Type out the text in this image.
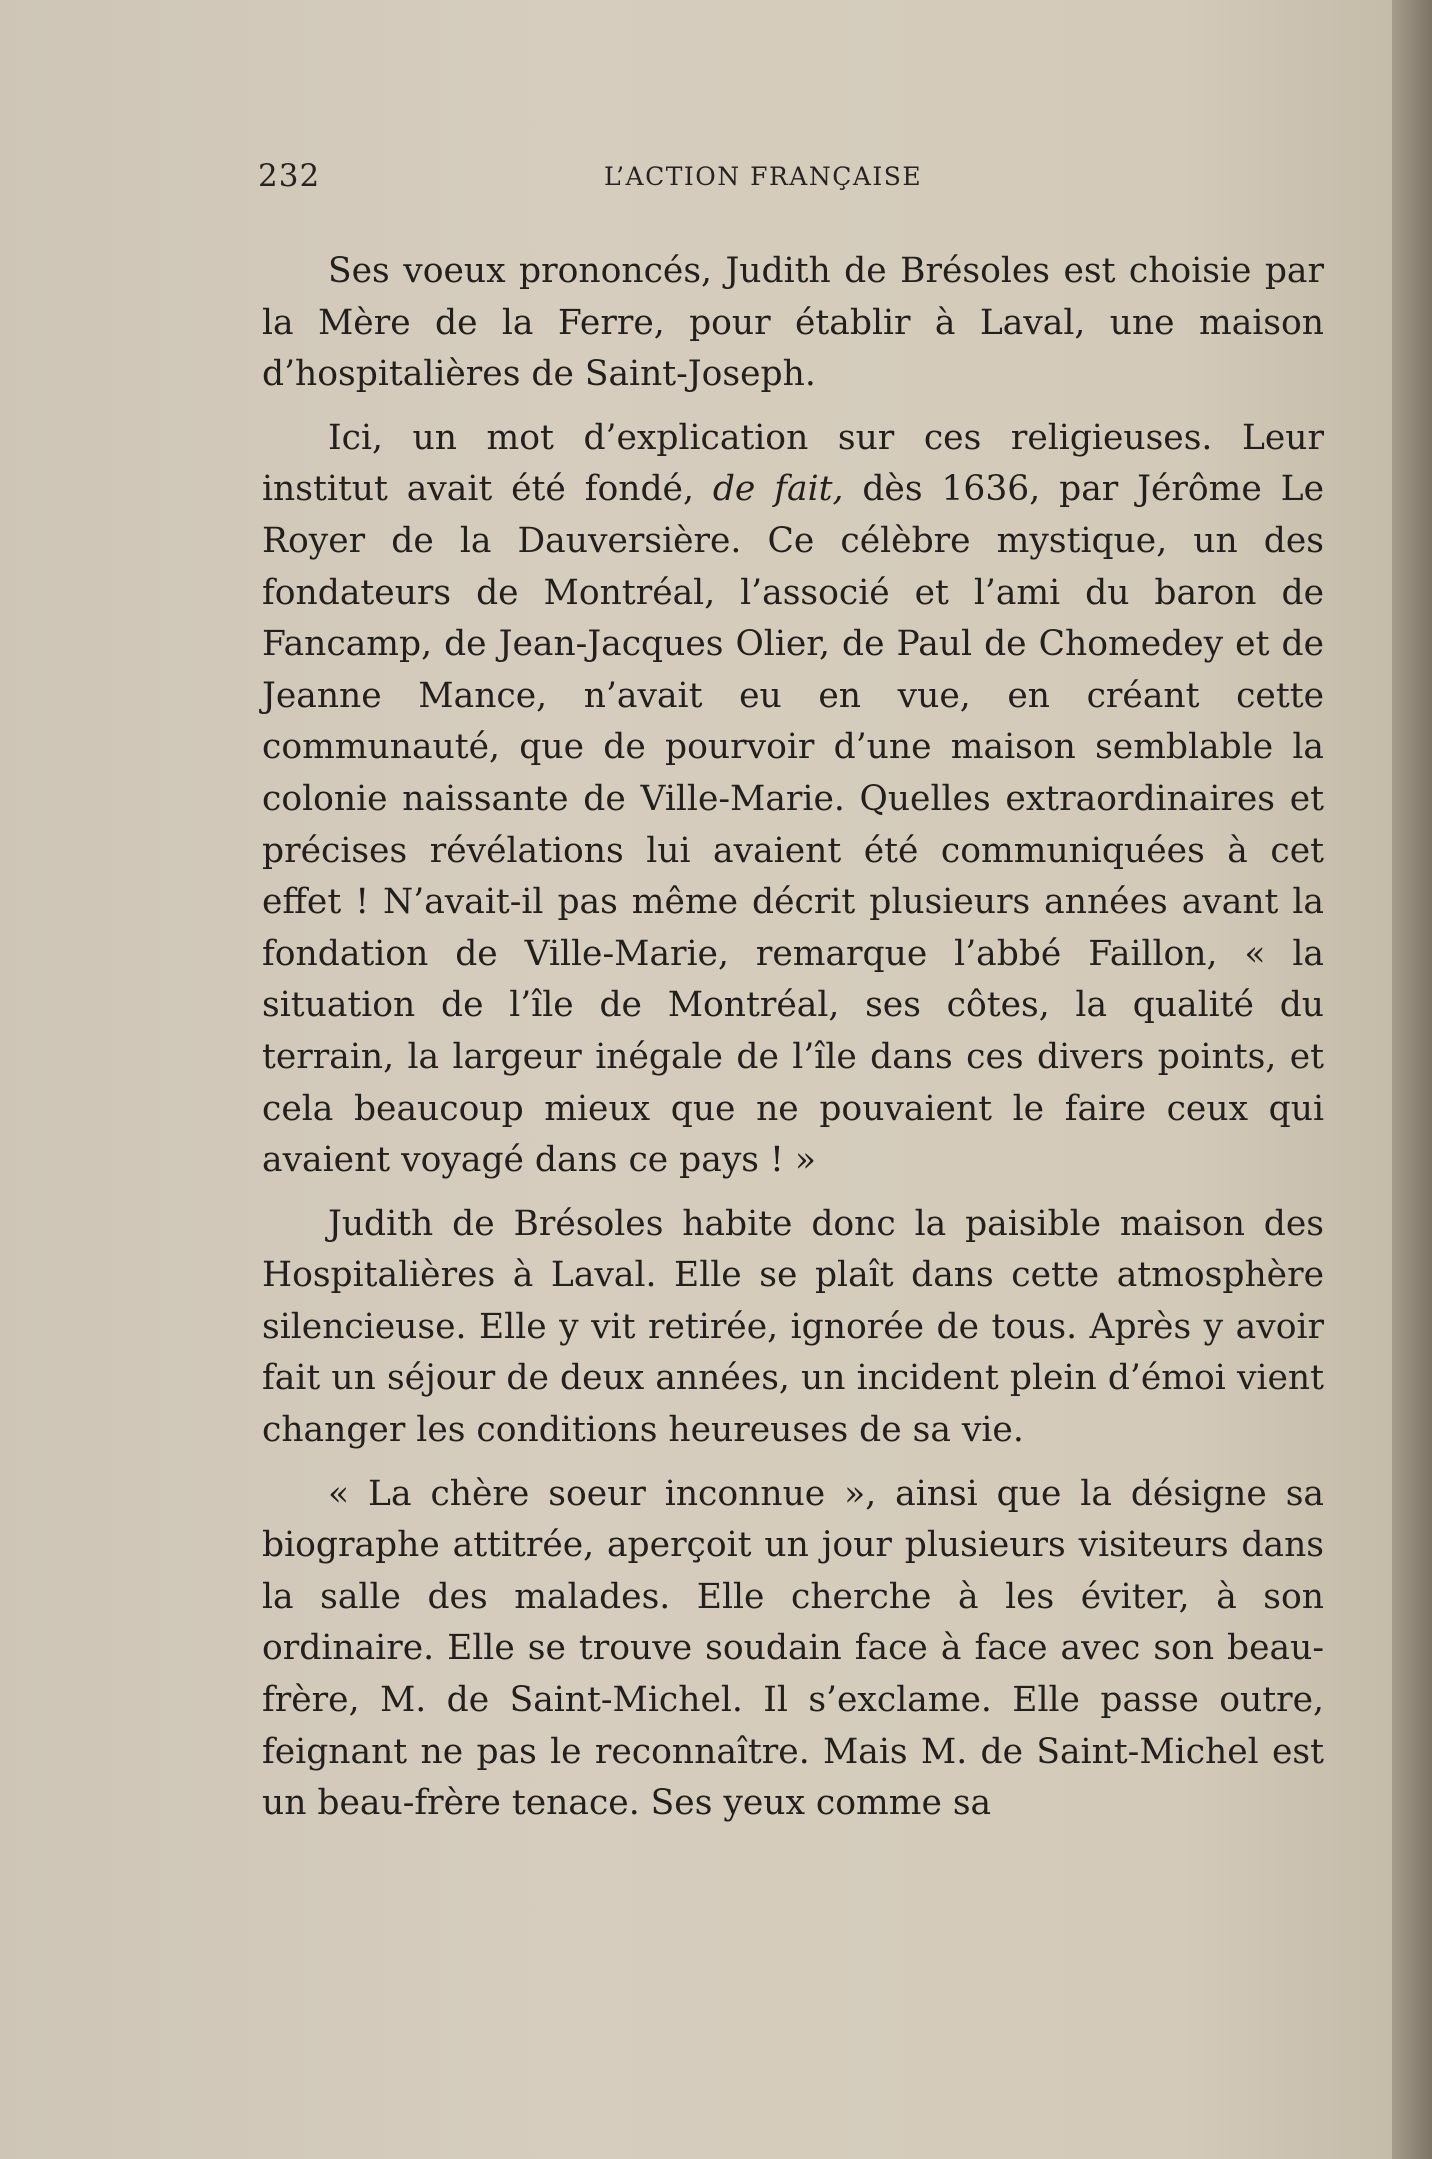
232	L’ACTION FRANÇAISE

Ses voeux prononcés, Judith de Brésoles est choisie par la Mère de la Ferre, pour établir à Laval, une maison d’hospitalières de Saint-Joseph.

Ici, un mot d’explication sur ces religieuses. Leur institut avait été fondé, de fait, dès 1636, par Jérôme Le Royer de la Dauversière. Ce célèbre mystique, un des fondateurs de Montréal, l’associé et l’ami du baron de Fancamp, de Jean-Jacques Olier, de Paul de Chomedey et de Jeanne Mance, n’avait eu en vue, en créant cette communauté, que de pourvoir d’une maison semblable la colonie naissante de Ville-Marie. Quelles extraordinaires et précises révélations lui avaient été communiquées à cet effet ! N’avait-il pas même décrit plusieurs années avant la fondation de Ville-Marie, remarque l’abbé Faillon, « la situation de l’île de Montréal, ses côtes, la qualité du terrain, la largeur inégale de l’île dans ces divers points, et cela beaucoup mieux que ne pouvaient le faire ceux qui avaient voyagé dans ce pays ! »

Judith de Brésoles habite donc la paisible maison des Hospitalières à Laval. Elle se plaît dans cette atmosphère silencieuse. Elle y vit retirée, ignorée de tous. Après y avoir fait un séjour de deux années, un incident plein d’émoi vient changer les conditions heureuses de sa vie.

« La chère soeur inconnue », ainsi que la désigne sa biographe attitrée, aperçoit un jour plusieurs visiteurs dans la salle des malades. Elle cherche à les éviter, à son ordinaire. Elle se trouve soudain face à face avec son beau-frère, M. de Saint-Michel. Il s’exclame. Elle passe outre, feignant ne pas le reconnaître. Mais M. de Saint-Michel est un beau-frère tenace. Ses yeux comme sa
